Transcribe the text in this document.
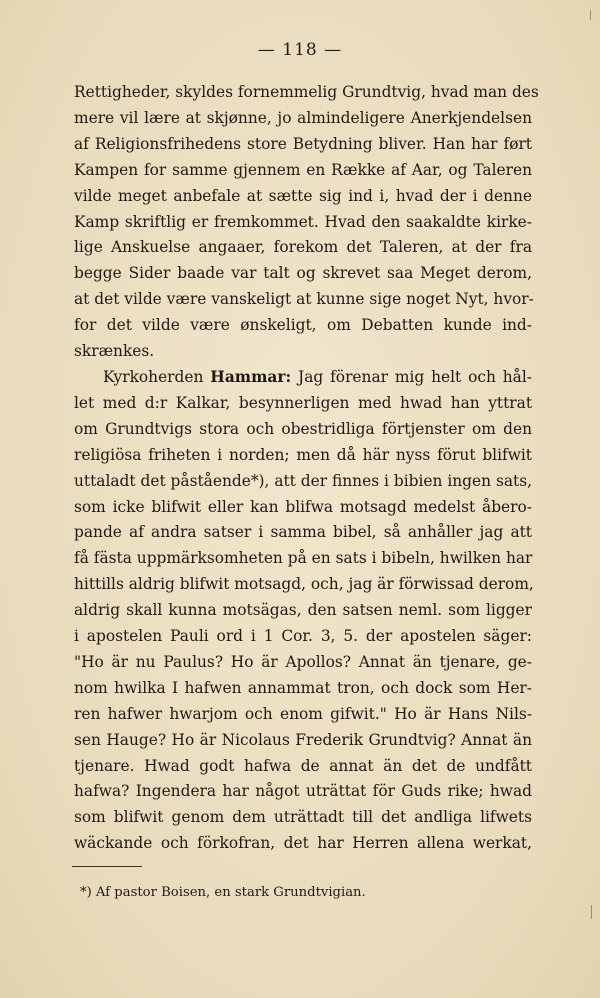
— 118 —
Rettigheder, skyldes fornemmelig Grundtvig, hvad man des
mere vil lære at skjønne, jo almindeligere Anerkjendelsen
af Religionsfrihedens store Betydning bliver. Han har ført
Kampen for samme gjennem en Række af Aar, og Taleren
vilde meget anbefale at sætte sig ind i, hvad der i denne
Kamp skriftlig er fremkommet. Hvad den saakaldte kirke-
lige Anskuelse angaaer, forekom det Taleren, at der fra
begge Sider baade var talt og skrevet saa Meget derom,
at det vilde være vanskeligt at kunne sige noget Nyt, hvor-
for det vilde være ønskeligt, om Debatten kunde ind-
skrænkes.
Kyrkoherden Hammar: Jag förenar mig helt och hål-
let med d:r Kalkar, besynnerligen med hwad han yttrat
om Grundtvigs stora och obestridliga förtjenster om den
religiösa friheten i norden; men då här nyss förut blifwit
uttaladt det påstående*), att der finnes i bibien ingen sats,
som icke blifwit eller kan blifwa motsagd medelst åbero-
pande af andra satser i samma bibel, så anhåller jag att
få fästa uppmärksomheten på en sats i bibeln, hwilken har
hittills aldrig blifwit motsagd, och, jag är förwissad derom,
aldrig skall kunna motsägas, den satsen neml. som ligger
i apostelen Pauli ord i 1 Cor. 3, 5. der apostelen säger:
"Ho är nu Paulus? Ho är Apollos? Annat än tjenare, ge-
nom hwilka I hafwen annammat tron, och dock som Her-
ren hafwer hwarjom och enom gifwit." Ho är Hans Nils-
sen Hauge? Ho är Nicolaus Frederik Grundtvig? Annat än
tjenare. Hwad godt hafwa de annat än det de undfått
hafwa? Ingendera har något uträttat för Guds rike; hwad
som blifwit genom dem uträttadt till det andliga lifwets
wäckande och förkofran, det har Herren allena werkat,
*) Af pastor Boisen, en stark Grundtvigian.
